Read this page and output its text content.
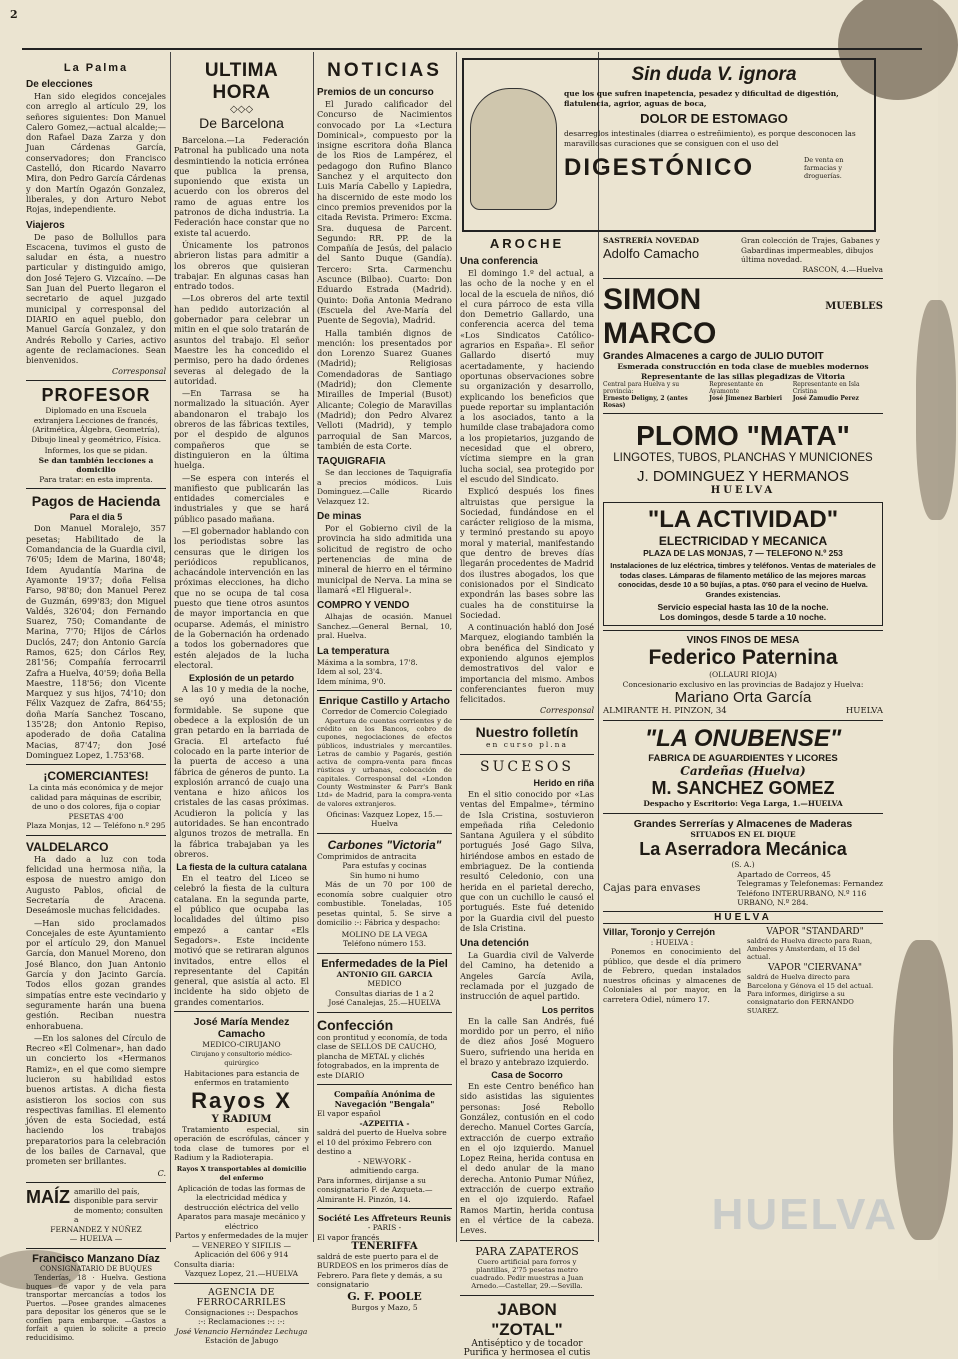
2
La Palma
De elecciones

Han sido elegidos concejales con arreglo al artículo 29, los señores siguientes: Don Manuel Calero Gomez,—actual alcalde;—don Rafael Daza Zarza y don Juan Cárdenas García, conservadores; don Francisco Castelló, don Ricardo Navarro Mira, don Pedro García Cárdenas y don Martín Ogazón Gonzalez, liberales, y don Arturo Nebot Rojas, independiente.

Viajeros

De paso de Bollullos para Escacena, tuvimos el gusto de saludar en ésta, a nuestro particular y distinguido amigo, don José Tejero G. Vizcaíno. —De San Juan del Puerto llegaron el secretario de aquel juzgado municipal y corresponsal del DIARIO en aquel pueblo, don Manuel García Gonzalez, y don Andrés Rebollo y Caries, activo agente de reclamaciones. Sean bienvenidos.

Corresponsal
PROFESOR

Diplomado en una Escuela extranjera Lecciones de francés, (Aritmética, Álgebra, Geometría), Dibujo lineal y geométrico, Física.

Informes, los que se pidan.

Se dan también lecciones a domicilio

Para tratar: en esta imprenta.

Pagos de Hacienda
Para el dia 5

Don Manuel Moralejo, 357 pesetas; Habilitado de la Comandancia de la Guardia civil, 76'05; Idem de Marina, 180'48; Idem Ayudantía Marina de Ayamonte 19'37; doña Felisa Farso, 98'80; don Manuel Perez de Guzmán, 699'83; don Miguel Valdés, 326'04; don Fernando Suarez, 750; Comandante de Marina, 7'70; Hijos de Cárlos Duclós, 247; don Antonio García Ramos, 625; don Cárlos Rey, 281'56; Compañía ferrocarril Zafra a Huelva, 40'59; doña Bella Maestre, 118'56; don Vicente Marquez y sus hijos, 74'10; don Félix Vazquez de Zafra, 864'55; doña María Sanchez Toscano, 135'28; don Antonio Repiso, apoderado de doña Catalina Macias, 87'47; don José Dominguez Lopez, 1.753'68.

¡COMERCIANTES!

La cinta más económica y de mejor calidad para máquinas de escribir, de uno o dos colores, fija o copiar

PESETAS 4'00

Plaza Monjas, 12 — Teléfono n.º 295

VALDELARCO

Ha dado a luz con toda felicidad una hermosa niña, la esposa de nuestro amigo don Augusto Pablos, oficial de Secretaría de Aracena. Deseámosle muchas felicidades.

—Han sido proclamados Concejales de este Ayuntamiento por el artículo 29, don Manuel García, don Manuel Moreno, don José Blanco, don Juan Antonio García y don Jacinto García. Todos ellos gozan grandes simpatías entre este vecindario y seguramente harán una buena gestión. Reciban nuestra enhorabuena.

—En los salones del Círculo de Recreo «El Colmenar», han dado un concierto los «Hermanos Ramiz», en el que como siempre lucieron su habilidad estos buenos artistas. A dicha fiesta asistieron los socios con sus respectivas familias. El elemento jóven de esta Sociedad, está haciendo los trabajos preparatorios para la celebración de los bailes de Carnaval, que prometen ser brillantes.

C.
MAÍZ amarillo del país, disponible para servir de momento; consulten a

FERNANDEZ Y NÚÑEZ

— HUELVA —

Francisco Manzano Díaz
CONSIGNATARIO DE BUQUES

Tenderías, 18 · Huelva. Gestiona buques de vapor y de vela para transportar mercancías a todos los Puertos. —Posee grandes almacenes para depositar los géneros que se le confíen para embarque. —Gastos a forfait a quien lo solicite a precio reducidísimo.

ULTIMA HORA
◇◇◇
De Barcelona

Barcelona.—La Federación Patronal ha publicado una nota desmintiendo la noticia errónea que publica la prensa, suponiendo que exista un acuerdo con los obreros del ramo de aguas entre los patronos de dicha industria. La Federación hace constar que no existe tal acuerdo.

Únicamente los patronos abrieron listas para admitir a los obreros que quisieran trabajar. En algunas casas han entrado todos.

—Los obreros del arte textil han pedido autorización al gobernador para celebrar un mitin en el que solo tratarán de asuntos del trabajo. El señor Maestre les ha concedido el permiso, pero ha dado órdenes severas al delegado de la autoridad.

—En Tarrasa se ha normalizado la situación. Ayer abandonaron el trabajo los obreros de las fábricas textiles, por el despido de algunos compañeros que se distinguieron en la última huelga.

—Se espera con interés el manifiesto que publicarán las entidades comerciales e industriales y que se hará público pasado mañana.

—El gobernador hablando con los periodistas sobre las censuras que le dirigen los periódicos republicanos, achacándole intervención en las próximas elecciones, ha dicho que no se ocupa de tal cosa puesto que tiene otros asuntos de mayor importancia en que ocuparse. Además, el ministro de la Gobernación ha ordenado a todos los gobernadores que estén alejados de la lucha electoral.

Explosión de un petardo

A las 10 y media de la noche, se oyó una detonación formidable. Se supone que obedece a la explosión de un gran petardo en la barriada de Gracia. El artefacto fué colocado en la parte interior de la puerta de acceso a una fábrica de géneros de punto. La explosión arrancó de cuajo una ventana e hizo añicos los cristales de las casas próximas. Acudieron la policía y las autoridades. Se han encontrado algunos trozos de metralla. En la fábrica trabajaban ya les obreros.

La fiesta de la cultura catalana

En el teatro del Liceo se celebró la fiesta de la cultura catalana. En la segunda parte, el público que ocupaba las localidades del último piso empezó a cantar «Els Segadors». Este incidente motivó que se retiraran algunos invitados, entre ellos el representante del Capitán general, que asistía al acto. El incidente ha sido objeto de grandes comentarios.

José María Mendez Camacho
MEDICO-CIRUJANO
Cirujano y consultorio médico-quirúrgico
Habitaciones para estancia de enfermos en tratamiento
Rayos X
Y RADIUM

Tratamiento especial, sin operación de escrófulas, cáncer y toda clase de tumores por el Radium y la Radioterapia.

Rayos X transportables al domicilio del enfermo

Aplicación de todas las formas de la electricidad médica y destrucción eléctrica del vello

Aparatos para masaje mecánico y eléctrico

Partos y enfermedades de la mujer

— VENEREO Y SIFILIS —

Aplicación del 606 y 914

Consulta diaria:

Vazquez Lopez, 21.—HUELVA

AGENCIA DE FERROCARRILES

Consignaciones :-: Despachos

:-: Reclamaciones :-: :-:

José Venancio Hernández Lechuga

Estación de Jabugo

NOTICIAS
Premios de un concurso

El Jurado calificador del Concurso de Nacimientos convocado por La «Lectura Dominical», compuesto por la insigne escritora doña Blanca de los Rios de Lampérez, el pedagogo don Rufino Blanco Sanchez y el arquitecto don Luis María Cabello y Lapiedra, ha discernido de este modo los cinco premios prevenidos por la citada Revista. Primero: Excma. Sra. duquesa de Parcent. Segundo: RR. PP. de la Compañía de Jesús, del palacio del Santo Duque (Gandía). Tercero: Srta. Carmenchu Ascunce (Bilbao). Cuarto: Don Eduardo Estrada (Madrid). Quinto: Doña Antonia Medrano (Escuela del Ave-María del Puente de Segovia), Madrid.

Halla también dignos de mención: los presentados por don Lorenzo Suarez Guanes (Madrid); Religiosas Comendadoras de Santiago (Madrid); don Clemente Mirailles de Imperial (Busot) Alicante; Colegio de Maravillas (Madrid); don Pedro Alvarez Velloti (Madrid), y templo parroquial de San Marcos, también de esta Corte.

TAQUIGRAFIA

Se dan lecciones de Taquigrafía a precios módicos. Luis Dominguez.—Calle Ricardo Velazquez 12.

De minas

Por el Gobierno civil de la provincia ha sido admitida una solicitud de registro de ocho pertenencias de mina de mineral de hierro en el término municipal de Nerva. La mina se llamará «El Higueral».

COMPRO Y VENDO

Alhajas de ocasión. Manuel Sanchez.—General Bernal, 10, pral. Huelva.

La temperatura

Máxima a la sombra, 17'8.

Idem al sol, 23'4.

Idem mínima, 9'0.

Enrique Castillo y Artacho
Corredor de Comercio Colegiado

Apertura de cuentas corrientes y de crédito en los Bancos, cobro de cupones, negociaciones de efectos públicos, industriales y mercantiles. Letras de cambio y Pagarés, gestión activa de compra-venta para fincas rústicas y urbanas, colocación de capitales. Corresponsal del «London County Westminster & Parr's Bank Ltd» de Madrid, para la compra-venta de valores extranjeros.

Oficinas: Vazquez Lopez, 15.—Huelva

Carbones "Victoria"

Comprimidos de antracita

Para estufas y cocinas

Sin humo ni humo

Más de un 70 por 100 de economía sobre cualquier otro combustible. Toneladas, 105 pesetas quintal, 5. Se sirve a domicilio :-: Fábrica y despacho:

MOLINO DE LA VEGA

Teléfono número 153.

Enfermedades de la Piel

ANTONIO GIL GARCIA

MEDICO

Consultas diarias de 1 a 2

José Canalejas, 25.—HUELVA

Confección

con prontitud y economía, de toda clase de SELLOS DE CAUCHO, plancha de METAL y clichés fotograbados, en la imprenta de este DIARIO

Compañía Anónima de Navegación "Bengala"

El vapor español

-AZPEITIA -

saldrá del puerto de Huelva sobre el 10 del próximo Febrero con destino a

- NEW-YORK -

admitiendo carga.

Para informes, dirijanse a su consignatario F. de Azqueta.—Almirante H. Pinzón, 14.

Société Les Affreteurs Reunis

- PARIS -

El vapor francés

TENERIFFA

saldrá de este puerto para el de BURDEOS en los primeros días de Febrero. Para flete y demás, a su consignatario

G. F. POOLE

Burgos y Mazo, 5

Sin duda V. ignora

que los que sufren inapetencia, pesadez y dificultad de digestión, flatulencia, agrior, aguas de boca,

DOLOR DE ESTOMAGO

desarreglos intestinales (diarrea o estreñimiento), es porque desconocen las maravillosas curaciones que se consiguen con el uso del

DIGESTÓNICO	De venta en farmacias y droguerías.
AROCHE
Una conferencia

El domingo 1.º del actual, a las ocho de la noche y en el local de la escuela de niños, dió el cura párroco de esta villa don Demetrio Gallardo, una conferencia acerca del tema «Los Sindicatos Católico-agrarios en España». El señor Gallardo disertó muy acertadamente, y haciendo oportunas observaciones sobre su organización y desarrollo, explicando los beneficios que puede reportar su implantación a los asociados, tanto a la humilde clase trabajadora como a los propietarios, juzgando de necesidad que el obrero, víctima siempre en la gran lucha social, sea protegido por el escudo del Sindicato.

Explicó después los fines altruistas que persigue la Sociedad, fundándose en el carácter religioso de la misma, y terminó prestando su apoyo moral y material, manifestando que dentro de breves días llegarán procedentes de Madrid dos ilustres abogados, los que conisionados por el Sindicato expondrán las bases sobre las cuales ha de constituirse la Sociedad.

A continuación habló don José Marquez, elogiando también la obra benéfica del Sindicato y exponiendo algunos ejemplos demostrativos del valor e importancia del mismo. Ambos conferenciantes fueron muy felicitados.

Corresponsal
Nuestro folletín
en curso pl.na
SUCESOS
Herido en riña

En el sitio conocido por «Las ventas del Empalme», término de Isla Cristina, sostuvieron empeñada riña Celedonio Santana Aguilera y el súbdito portugués José Gago Silva, hiriéndose ambos en estado de embriaguez. De la contienda resultó Celedonio, con una herida en el parietal derecho, que con un cuchillo le causó el portugués. Este fué detenido por la Guardia civil del puesto de Isla Cristina.

Una detención

La Guardia civil de Valverde del Camino, ha detenido a Angeles García Avila, reclamada por el juzgado de instrucción de aquel partido.

Los perritos

En la calle San Andrés, fué mordido por un perro, el niño de diez años José Moguero Suero, sufriendo una herida en el brazo y antebrazo izquierdo.

Casa de Socorro

En este Centro benéfico han sido asistidas las siguientes personas: José Rebollo González, contusión en el codo derecho. Manuel Cortes García, extracción de cuerpo extraño en el ojo izquierdo. Manuel Lopez Reina, herida contusa en el dedo anular de la mano derecha. Antonio Pumar Núñez, extracción de cuerpo extraño en el ojo izquierdo. Rafael Ramos Martin, herida contusa en el vértice de la cabeza. Leves.

PARA ZAPATEROS

Cuero artificial para forros y plantillas, 2'75 pesetas metro cuadrado. Pedir muestras a Juan Arnedo.—Castellar, 29.—Sevilla.

JABON "ZOTAL"

Antiséptico y de tocador

Purifica y hermosea el cutis

SASTRERÍA NOVEDAD
Adolfo Camacho

Gran colección de Trajes, Gabanes y Gabardinas impermeables, dibujos última novedad.

RASCON, 4.—Huelva

SIMON MARCO
MUEBLES

Grandes Almacenes a cargo de JULIO DUTOIT

Esmerada construcción en toda clase de muebles modernos

Representante de las sillas plegadizas de Vitoria

Central para Huelva y su provincia:
Ernesto Deligny, 2 (antes Rosas)
Representante en Ayamonte
José Jimenez Barbieri
Representante en Isla Cristina
José Zamudio Perez
PLOMO "MATA"
LINGOTES, TUBOS, PLANCHAS Y MUNICIONES
J. DOMINGUEZ Y HERMANOS
HUELVA
"LA ACTIVIDAD"
ELECTRICIDAD Y MECANICA
PLAZA DE LAS MONJAS, 7 — TELEFONO N.º 253

Instalaciones de luz eléctrica, timbres y teléfonos. Ventas de materiales de todas clases. Lámparas de filamento metálico de las mejores marcas conocidas, desde 10 a 50 bujías, a ptas. 0'60 para el vecino de Huelva. Grandes existencias.

Servicio especial hasta las 10 de la noche.

Los domingos, desde 5 tarde a 10 noche.

VINOS FINOS DE MESA
Federico Paternina
(OLLAURI RIOJA)
Concesionario exclusivo en las provincias de Badajoz y Huelva:
Mariano Orta García
ALMIRANTE H. PINZON, 34	HUELVA
"LA ONUBENSE"
FABRICA DE AGUARDIENTES Y LICORES
Cardeñas (Huelva)
M. SANCHEZ GOMEZ
Despacho y Escritorio: Vega Larga, 1.—HUELVA
Grandes Serrerías y Almacenes de Maderas
SITUADOS EN EL DIQUE
La Aserradora Mecánica
(S. A.)
Cajas para envases
Apartado de Correos, 45
Telegramas y Telefonemas: Fernandez
Teléfono INTERURBANO, N.º 116
URBANO, N.º 284.
HUELVA
Villar, Toronjo y Cerrejón
: HUELVA :

Ponemos en conocimiento del público, que desde el día primero de Febrero, quedan instalados nuestros oficinas y almacenes de Coloniales al por mayor, en la carretera Odiel, número 17.

VAPOR "STANDARD"

saldrá de Huelva directo para Ruan, Amberes y Amsterdam, el 15 del actual.

VAPOR "CIERVANA"

saldrá de Huelva directo para Barcelona y Génova el 15 del actual. Para informes, dirigirse a su consignatario don FERNANDO SUAREZ.

HUELVA
